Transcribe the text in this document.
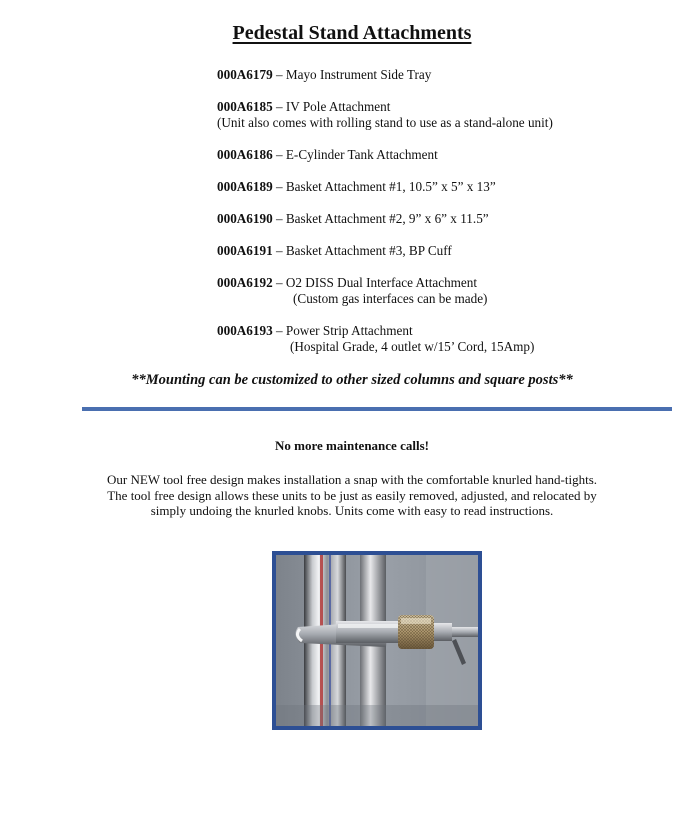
Pedestal Stand Attachments
000A6179 – Mayo Instrument Side Tray
000A6185 – IV Pole Attachment
(Unit also comes with rolling stand to use as a stand-alone unit)
000A6186 – E-Cylinder Tank Attachment
000A6189 – Basket Attachment #1, 10.5” x 5” x 13”
000A6190 – Basket Attachment #2, 9” x 6” x 11.5”
000A6191 – Basket Attachment #3, BP Cuff
000A6192 – O2 DISS Dual Interface Attachment
(Custom gas interfaces can be made)
000A6193 – Power Strip Attachment
(Hospital Grade, 4 outlet w/15’ Cord, 15Amp)
**Mounting can be customized to other sized columns and square posts**
No more maintenance calls!

Our NEW tool free design makes installation a snap with the comfortable knurled hand-tights.
The tool free design allows these units to be just as easily removed, adjusted, and relocated by
simply undoing the knurled knobs. Units come with easy to read instructions.
